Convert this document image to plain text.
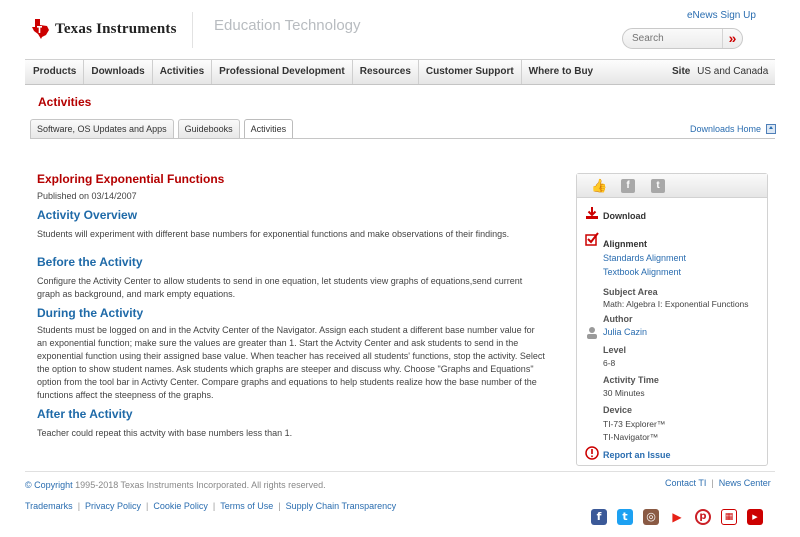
Texas Instruments Education Technology
eNews Sign Up
Search
»
Products	Downloads	Activities	Professional Development	Resources	Customer Support	Where to Buy	Site US and Canada
Activities
Software, OS Updates and Apps	Guidebooks	Activities	Downloads Home
Exploring Exponential Functions
Published on 03/14/2007
Activity Overview
Students will experiment with different base numbers for exponential functions and make observations of their findings.
Before the Activity
Configure the Activity Center to allow students to send in one equation, let students view graphs of equations,send current graph as background, and mark empty equations.
During the Activity
Students must be logged on and in the Actvity Center of the Navigator. Assign each student a different base number value for an exponential function; make sure the values are greater than 1. Start the Actvity Center and ask students to send in the exponential function using their assigned base value. When teacher has received all students' functions, stop the activity. Select the option to show student names. Ask students which graphs are steeper and discuss why. Choose "Graphs and Equations" option from the tool bar in Activty Center. Compare graphs and equations to help students realize how the base number of the functions affect the steepness of the graphs.
After the Activity
Teacher could repeat this actvity with base numbers less than 1.
👍	f	t
Download
Alignment
Standards Alignment
Textbook Alignment
Subject Area
Math: Algebra I: Exponential Functions
Author
Julia Cazin
Level
6-8
Activity Time
30 Minutes
Device
TI-73 Explorer™
TI-Navigator™
Report an Issue
© Copyright 1995-2018 Texas Instruments Incorporated. All rights reserved.	Contact TI | News Center
Trademarks | Privacy Policy | Cookie Policy | Terms of Use | Supply Chain Transparency
f	t	◎ ▶	p	▦	▶
